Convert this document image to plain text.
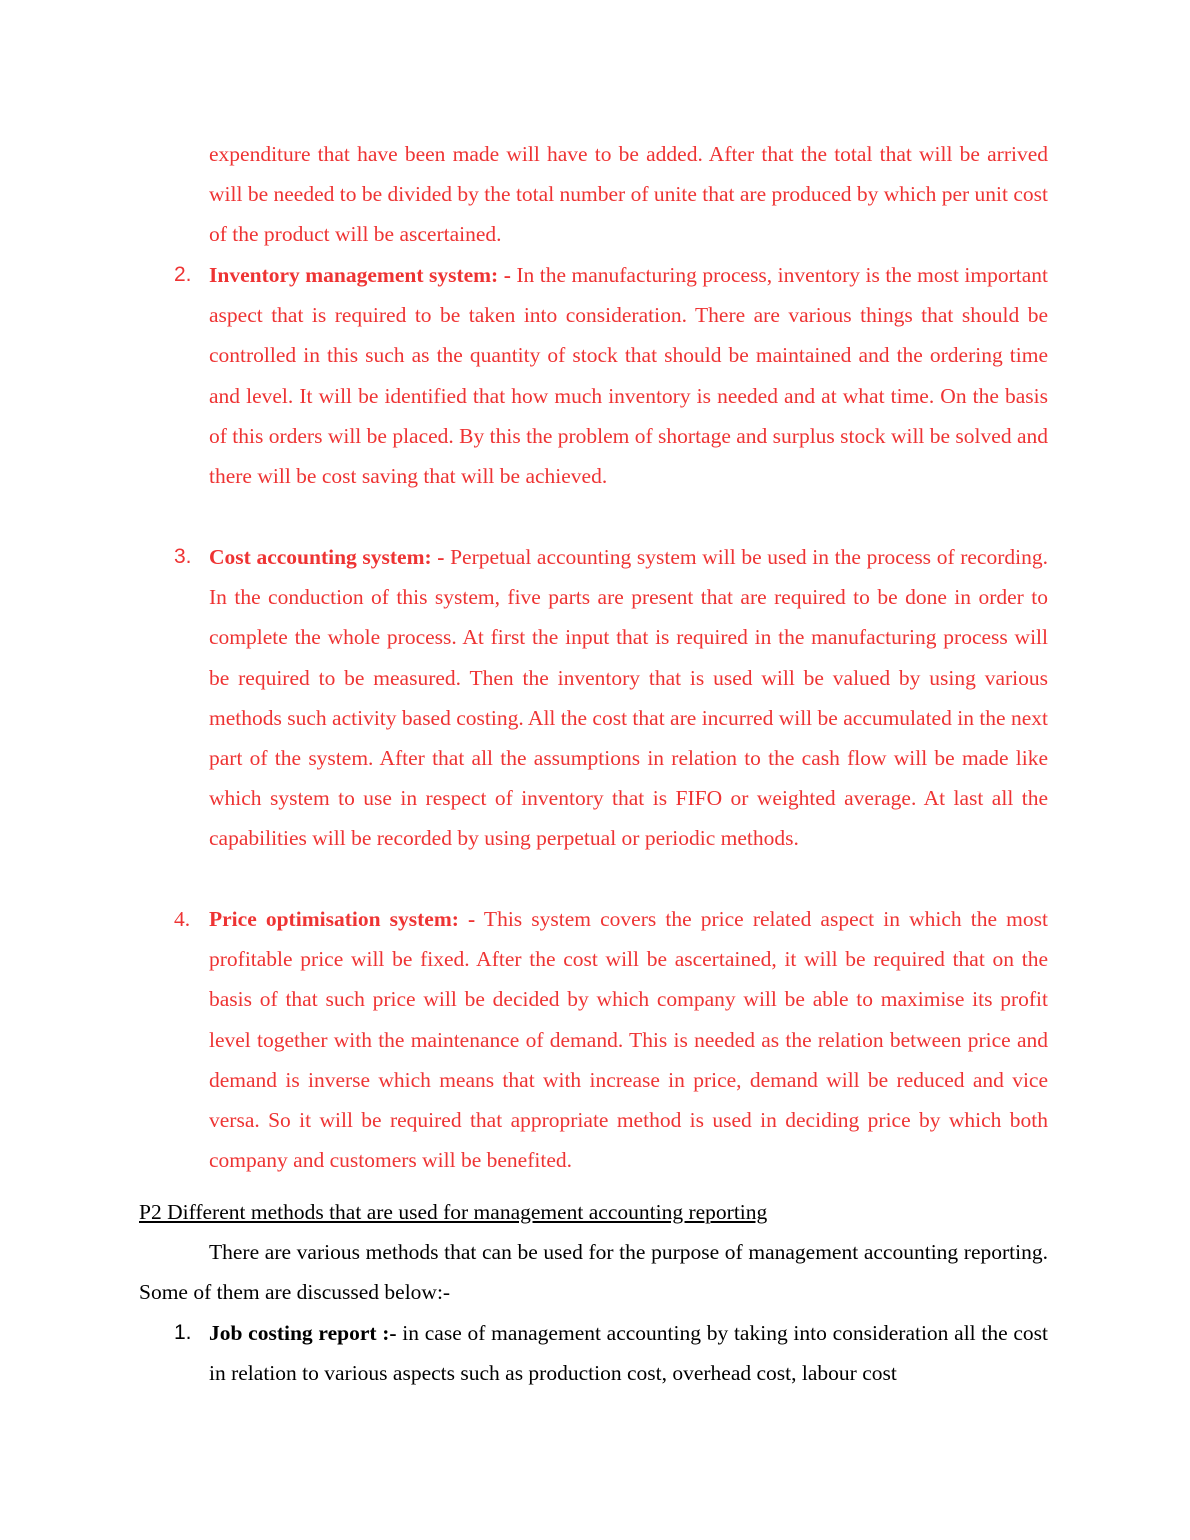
expenditure that have been made will have to be added. After that the total that will be arrived will be needed to be divided by the total number of unite that are produced by which per unit cost of the product will be ascertained.

2. Inventory management system: - In the manufacturing process, inventory is the most important aspect that is required to be taken into consideration. There are various things that should be controlled in this such as the quantity of stock that should be maintained and the ordering time and level. It will be identified that how much inventory is needed and at what time. On the basis of this orders will be placed. By this the problem of shortage and surplus stock will be solved and there will be cost saving that will be achieved.

3. Cost accounting system: - Perpetual accounting system will be used in the process of recording. In the conduction of this system, five parts are present that are required to be done in order to complete the whole process. At first the input that is required in the manufacturing process will be required to be measured. Then the inventory that is used will be valued by using various methods such activity based costing. All the cost that are incurred will be accumulated in the next part of the system. After that all the assumptions in relation to the cash flow will be made like which system to use in respect of inventory that is FIFO or weighted average. At last all the capabilities will be recorded by using perpetual or periodic methods.

4. Price optimisation system: - This system covers the price related aspect in which the most profitable price will be fixed. After the cost will be ascertained, it will be required that on the basis of that such price will be decided by which company will be able to maximise its profit level together with the maintenance of demand. This is needed as the relation between price and demand is inverse which means that with increase in price, demand will be reduced and vice versa. So it will be required that appropriate method is used in deciding price by which both company and customers will be benefited.

P2 Different methods that are used for management accounting reporting

There are various methods that can be used for the purpose of management accounting reporting. Some of them are discussed below:-

1. Job costing report :- in case of management accounting by taking into consideration all the cost in relation to various aspects such as production cost, overhead cost, labour cost
